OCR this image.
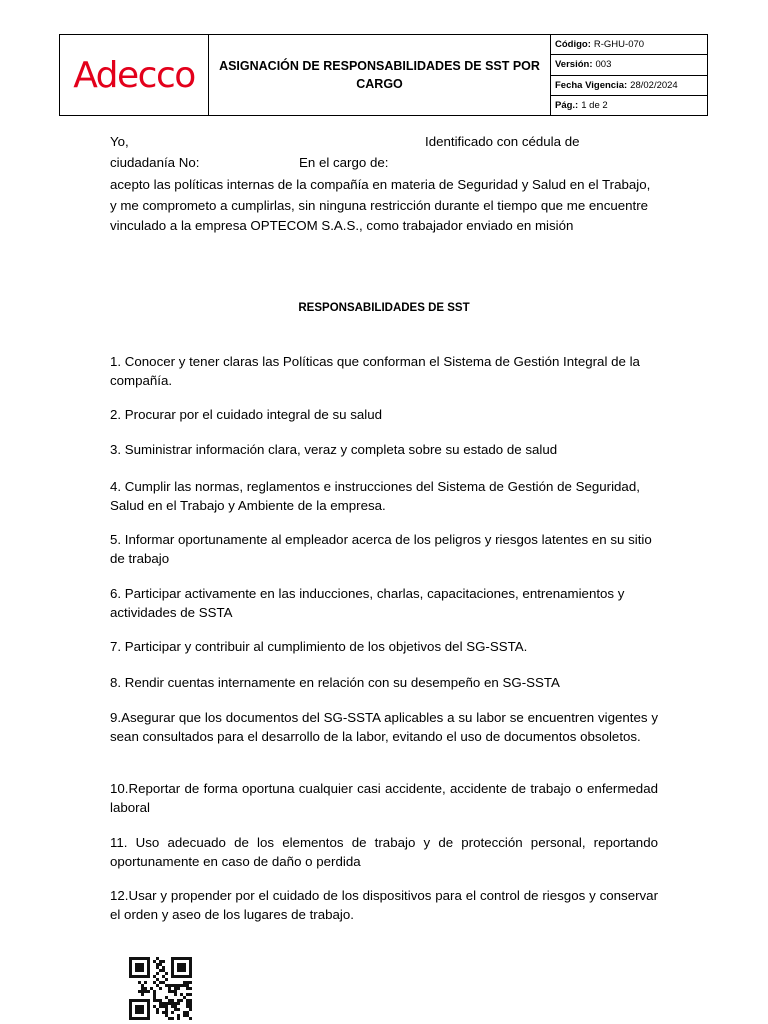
Adecco	ASIGNACIÓN DE RESPONSABILIDADES DE SST POR CARGO
Código: R-GHU-070
Versión: 003
Fecha Vigencia: 28/02/2024
Pág.: 1 de 2
Yo,	Identificado con cédula de
ciudadanía No:	En el cargo de:
acepto las políticas internas de la compañía en materia de Seguridad y Salud en el Trabajo, y me comprometo a cumplirlas, sin ninguna restricción durante el tiempo que me encuentre vinculado a la empresa OPTECOM S.A.S., como trabajador enviado en misión
RESPONSABILIDADES DE SST
1. Conocer y tener claras las Políticas que conforman el Sistema de Gestión Integral de la compañía.
2. Procurar por el cuidado integral de su salud
3. Suministrar información clara, veraz y completa sobre su estado de salud
4. Cumplir las normas, reglamentos e instrucciones del Sistema de Gestión de Seguridad, Salud en el Trabajo y Ambiente de la empresa.
5. Informar oportunamente al empleador acerca de los peligros y riesgos latentes en su sitio de trabajo
6. Participar activamente en las inducciones, charlas, capacitaciones, entrenamientos y actividades de SSTA
7. Participar y contribuir al cumplimiento de los objetivos del SG-SSTA.
8. Rendir cuentas internamente en relación con su desempeño en SG-SSTA
9.Asegurar que los documentos del SG-SSTA aplicables a su labor se encuentren vigentes y sean consultados para el desarrollo de la labor, evitando el uso de documentos obsoletos.
10.Reportar de forma oportuna cualquier casi accidente, accidente de trabajo o enfermedad laboral
11. Uso adecuado de los elementos de trabajo y de protección personal, reportando oportunamente en caso de daño o perdida
12.Usar y propender por el cuidado de los dispositivos para el control de riesgos y conservar el orden y aseo de los lugares de trabajo.
